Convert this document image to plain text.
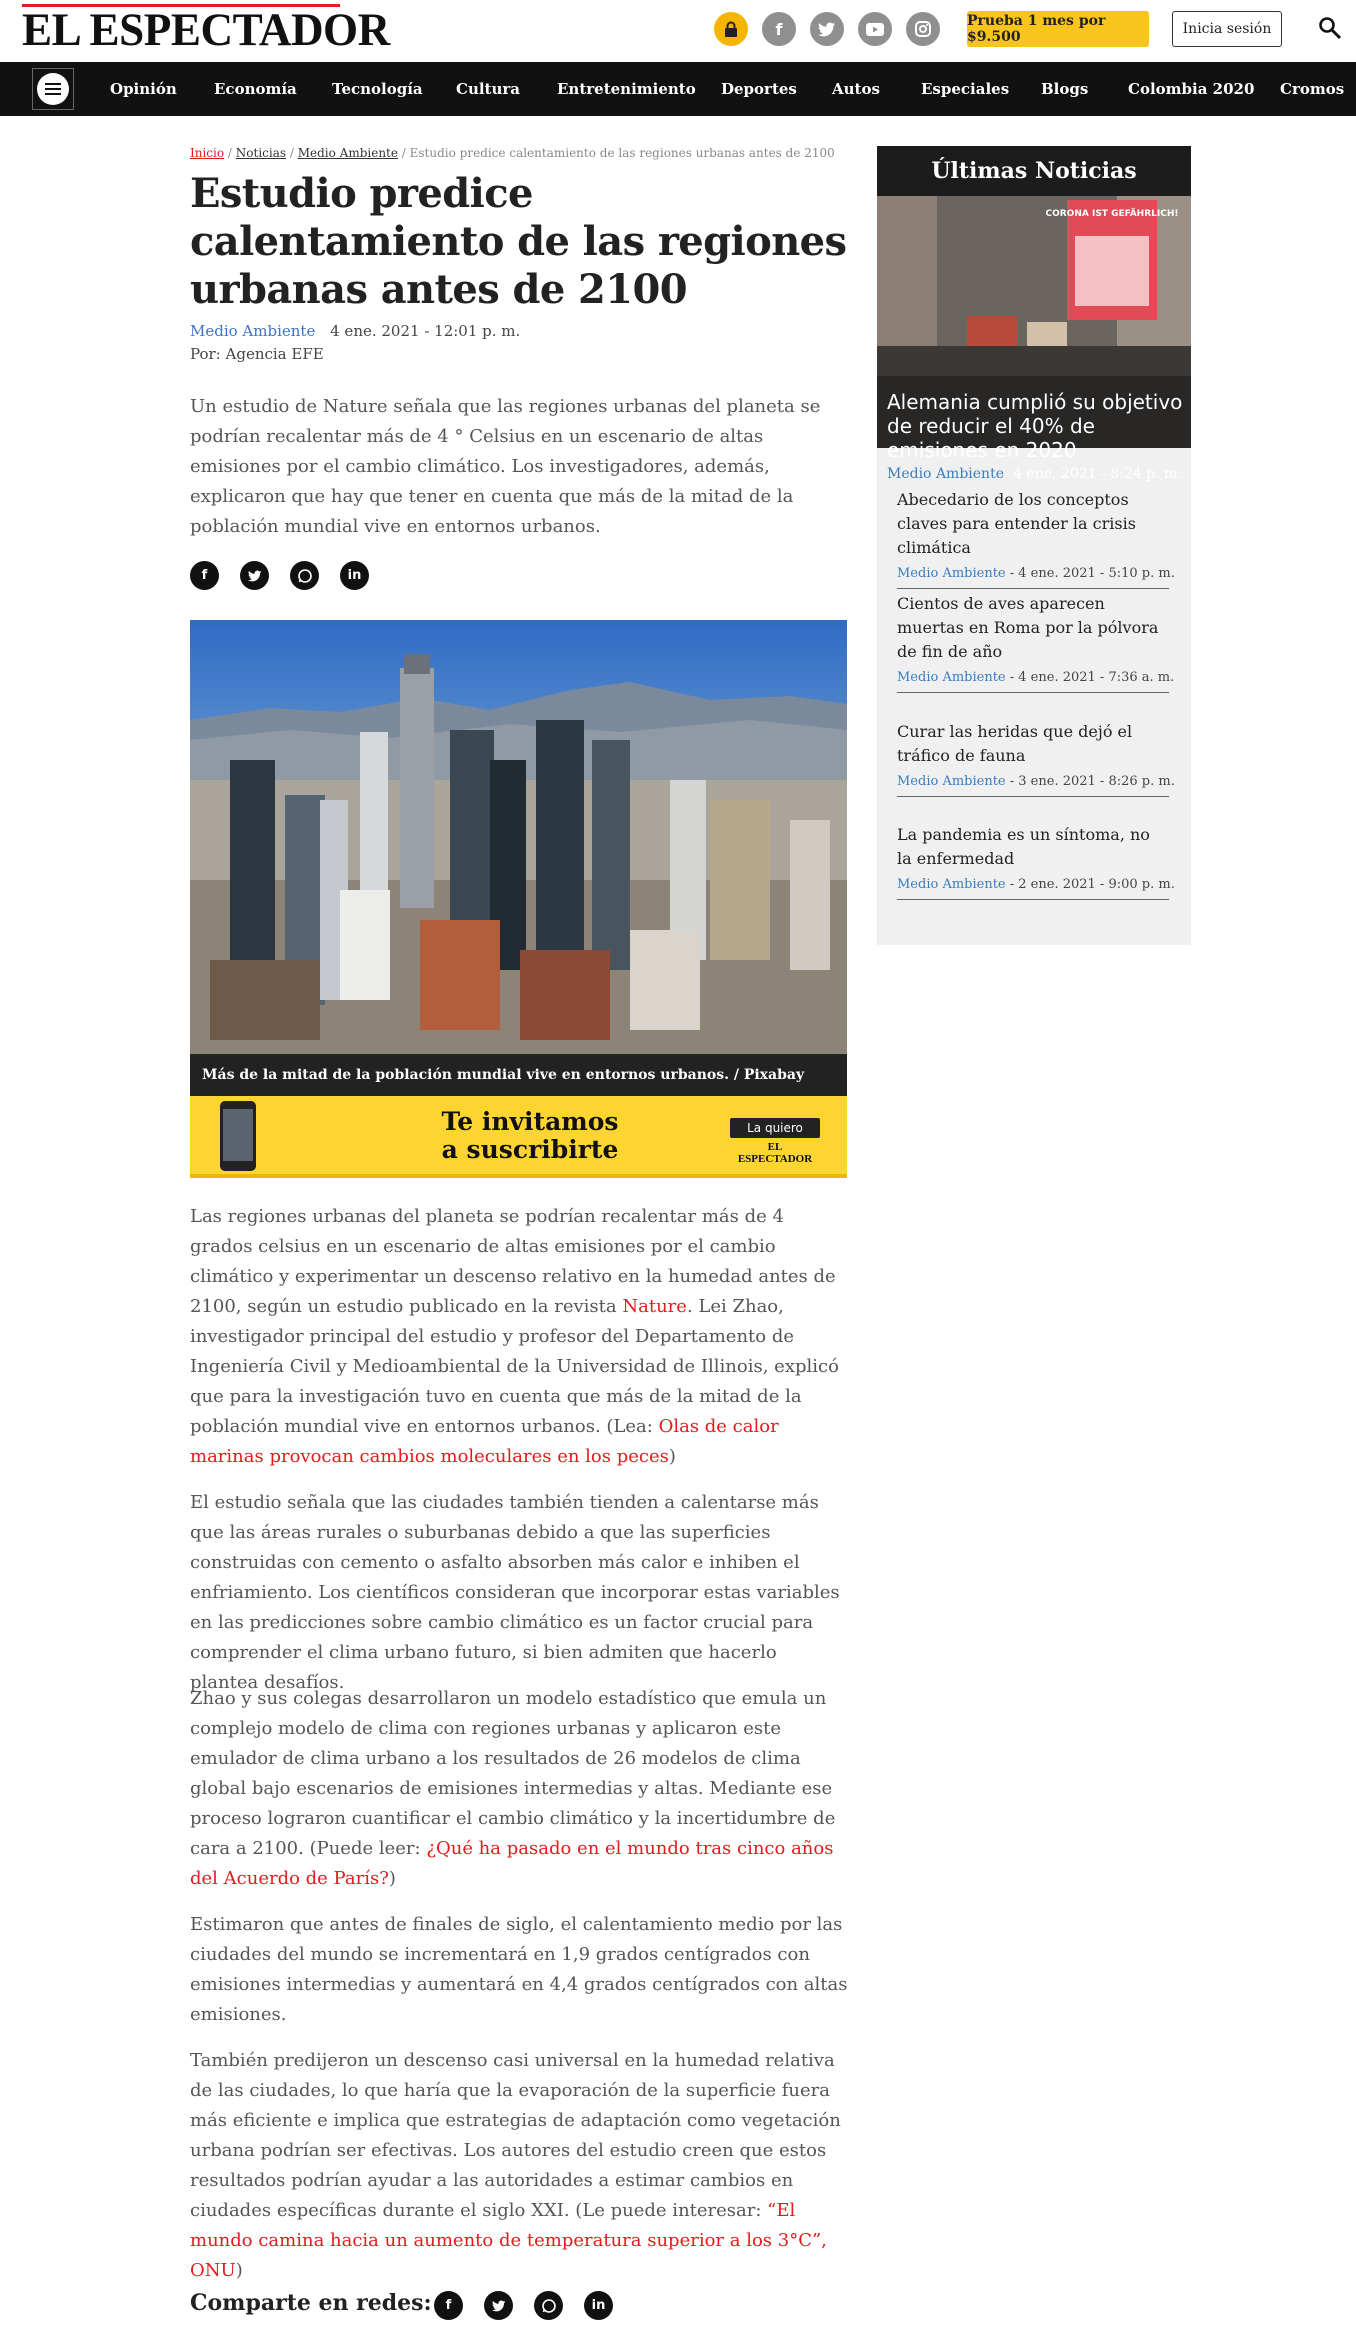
EL ESPECTADOR	f	Prueba 1 mes por $9.500	Inicia sesión
Opinión Economía Tecnología Cultura Entretenimiento Deportes Autos	Especiales Blogs	Colombia 2020 Cromos
Inicio / Noticias / Medio Ambiente / Estudio predice calentamiento de las regiones urbanas antes de 2100
Estudio predice calentamiento de las regiones urbanas antes de 2100
Medio Ambiente 4 ene. 2021 - 12:01 p. m.
Por: Agencia EFE

Un estudio de Nature señala que las regiones urbanas del planeta se podrían recalentar más de 4 ° Celsius en un escenario de altas emisiones por el cambio climático. Los investigadores, además, explicaron que hay que tener en cuenta que más de la mitad de la población mundial vive en entornos urbanos.

f	in
Más de la mitad de la población mundial vive en entornos urbanos. / Pixabay
Te invitamos a suscribirte
La quiero
EL ESPECTADOR

Las regiones urbanas del planeta se podrían recalentar más de 4 grados celsius en un escenario de altas emisiones por el cambio climático y experimentar un descenso relativo en la humedad antes de 2100, según un estudio publicado en la revista Nature. Lei Zhao, investigador principal del estudio y profesor del Departamento de Ingeniería Civil y Medioambiental de la Universidad de Illinois, explicó que para la investigación tuvo en cuenta que más de la mitad de la población mundial vive en entornos urbanos. (Lea: Olas de calor marinas provocan cambios moleculares en los peces)

El estudio señala que las ciudades también tienden a calentarse más que las áreas rurales o suburbanas debido a que las superficies construidas con cemento o asfalto absorben más calor e inhiben el enfriamiento. Los científicos consideran que incorporar estas variables en las predicciones sobre cambio climático es un factor crucial para comprender el clima urbano futuro, si bien admiten que hacerlo plantea desafíos.

Zhao y sus colegas desarrollaron un modelo estadístico que emula un complejo modelo de clima con regiones urbanas y aplicaron este emulador de clima urbano a los resultados de 26 modelos de clima global bajo escenarios de emisiones intermedias y altas. Mediante ese proceso lograron cuantificar el cambio climático y la incertidumbre de cara a 2100. (Puede leer: ¿Qué ha pasado en el mundo tras cinco años del Acuerdo de París?)

Estimaron que antes de finales de siglo, el calentamiento medio por las ciudades del mundo se incrementará en 1,9 grados centígrados con emisiones intermedias y aumentará en 4,4 grados centígrados con altas emisiones.

También predijeron un descenso casi universal en la humedad relativa de las ciudades, lo que haría que la evaporación de la superficie fuera más eficiente e implica que estrategias de adaptación como vegetación urbana podrían ser efectivas. Los autores del estudio creen que estos resultados podrían ayudar a las autoridades a estimar cambios en ciudades específicas durante el siglo XXI. (Le puede interesar: “El mundo camina hacia un aumento de temperatura superior a los 3°C”, ONU)

Comparte en redes:	f	in
Últimas Noticias
CORONA IST GEFÄHRLICH!
Alemania cumplió su objetivo de reducir el 40% de emisiones en 2020
Medio Ambiente- 4 ene. 2021 - 8:24 p. m.
Abecedario de los conceptos claves para entender la crisis climática
Medio Ambiente - 4 ene. 2021 - 5:10 p. m.
Cientos de aves aparecen muertas en Roma por la pólvora de fin de año
Medio Ambiente - 4 ene. 2021 - 7:36 a. m.
Curar las heridas que dejó el tráfico de fauna
Medio Ambiente - 3 ene. 2021 - 8:26 p. m.
La pandemia es un síntoma, no la enfermedad
Medio Ambiente - 2 ene. 2021 - 9:00 p. m.
